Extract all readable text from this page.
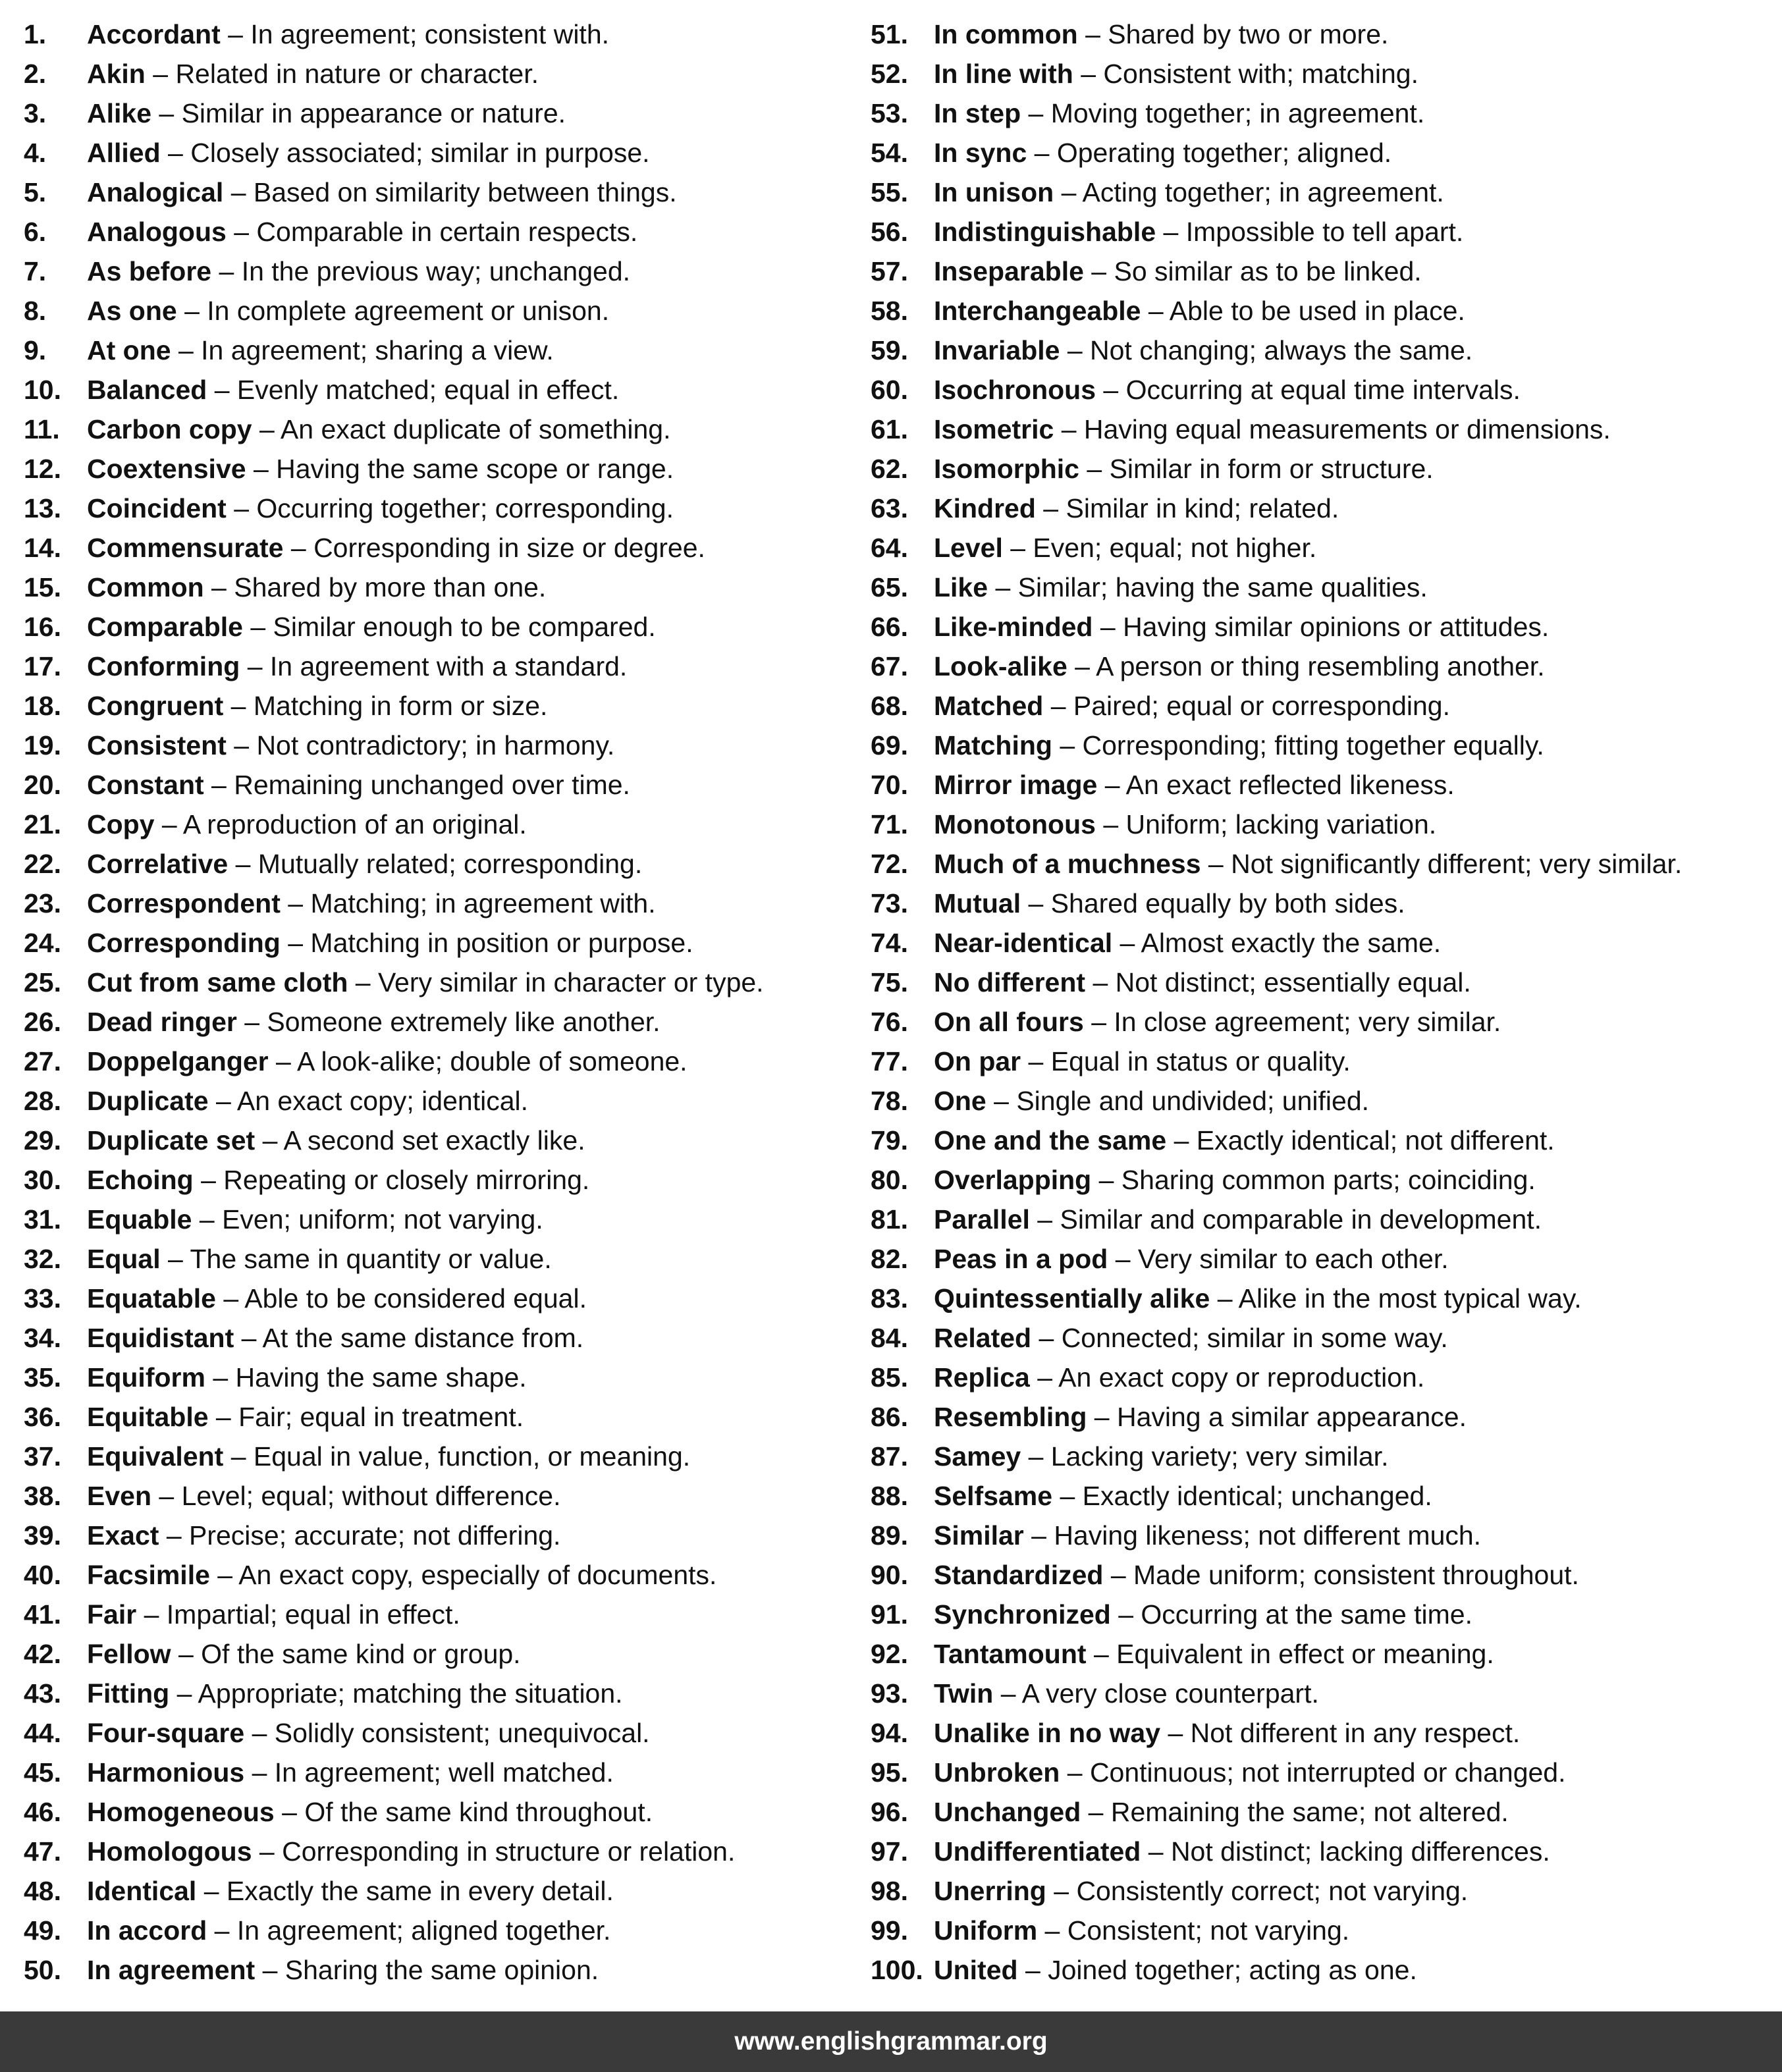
1. Accordant – In agreement; consistent with.
2. Akin – Related in nature or character.
3. Alike – Similar in appearance or nature.
4. Allied – Closely associated; similar in purpose.
5. Analogical – Based on similarity between things.
6. Analogous – Comparable in certain respects.
7. As before – In the previous way; unchanged.
8. As one – In complete agreement or unison.
9. At one – In agreement; sharing a view.
10. Balanced – Evenly matched; equal in effect.
11. Carbon copy – An exact duplicate of something.
12. Coextensive – Having the same scope or range.
13. Coincident – Occurring together; corresponding.
14. Commensurate – Corresponding in size or degree.
15. Common – Shared by more than one.
16. Comparable – Similar enough to be compared.
17. Conforming – In agreement with a standard.
18. Congruent – Matching in form or size.
19. Consistent – Not contradictory; in harmony.
20. Constant – Remaining unchanged over time.
21. Copy – A reproduction of an original.
22. Correlative – Mutually related; corresponding.
23. Correspondent – Matching; in agreement with.
24. Corresponding – Matching in position or purpose.
25. Cut from same cloth – Very similar in character or type.
26. Dead ringer – Someone extremely like another.
27. Doppelganger – A look-alike; double of someone.
28. Duplicate – An exact copy; identical.
29. Duplicate set – A second set exactly like.
30. Echoing – Repeating or closely mirroring.
31. Equable – Even; uniform; not varying.
32. Equal – The same in quantity or value.
33. Equatable – Able to be considered equal.
34. Equidistant – At the same distance from.
35. Equiform – Having the same shape.
36. Equitable – Fair; equal in treatment.
37. Equivalent – Equal in value, function, or meaning.
38. Even – Level; equal; without difference.
39. Exact – Precise; accurate; not differing.
40. Facsimile – An exact copy, especially of documents.
41. Fair – Impartial; equal in effect.
42. Fellow – Of the same kind or group.
43. Fitting – Appropriate; matching the situation.
44. Four-square – Solidly consistent; unequivocal.
45. Harmonious – In agreement; well matched.
46. Homogeneous – Of the same kind throughout.
47. Homologous – Corresponding in structure or relation.
48. Identical – Exactly the same in every detail.
49. In accord – In agreement; aligned together.
50. In agreement – Sharing the same opinion.
51. In common – Shared by two or more.
52. In line with – Consistent with; matching.
53. In step – Moving together; in agreement.
54. In sync – Operating together; aligned.
55. In unison – Acting together; in agreement.
56. Indistinguishable – Impossible to tell apart.
57. Inseparable – So similar as to be linked.
58. Interchangeable – Able to be used in place.
59. Invariable – Not changing; always the same.
60. Isochronous – Occurring at equal time intervals.
61. Isometric – Having equal measurements or dimensions.
62. Isomorphic – Similar in form or structure.
63. Kindred – Similar in kind; related.
64. Level – Even; equal; not higher.
65. Like – Similar; having the same qualities.
66. Like-minded – Having similar opinions or attitudes.
67. Look-alike – A person or thing resembling another.
68. Matched – Paired; equal or corresponding.
69. Matching – Corresponding; fitting together equally.
70. Mirror image – An exact reflected likeness.
71. Monotonous – Uniform; lacking variation.
72. Much of a muchness – Not significantly different; very similar.
73. Mutual – Shared equally by both sides.
74. Near-identical – Almost exactly the same.
75. No different – Not distinct; essentially equal.
76. On all fours – In close agreement; very similar.
77. On par – Equal in status or quality.
78. One – Single and undivided; unified.
79. One and the same – Exactly identical; not different.
80. Overlapping – Sharing common parts; coinciding.
81. Parallel – Similar and comparable in development.
82. Peas in a pod – Very similar to each other.
83. Quintessentially alike – Alike in the most typical way.
84. Related – Connected; similar in some way.
85. Replica – An exact copy or reproduction.
86. Resembling – Having a similar appearance.
87. Samey – Lacking variety; very similar.
88. Selfsame – Exactly identical; unchanged.
89. Similar – Having likeness; not different much.
90. Standardized – Made uniform; consistent throughout.
91. Synchronized – Occurring at the same time.
92. Tantamount – Equivalent in effect or meaning.
93. Twin – A very close counterpart.
94. Unalike in no way – Not different in any respect.
95. Unbroken – Continuous; not interrupted or changed.
96. Unchanged – Remaining the same; not altered.
97. Undifferentiated – Not distinct; lacking differences.
98. Unerring – Consistently correct; not varying.
99. Uniform – Consistent; not varying.
100. United – Joined together; acting as one.
www.englishgrammar.org
